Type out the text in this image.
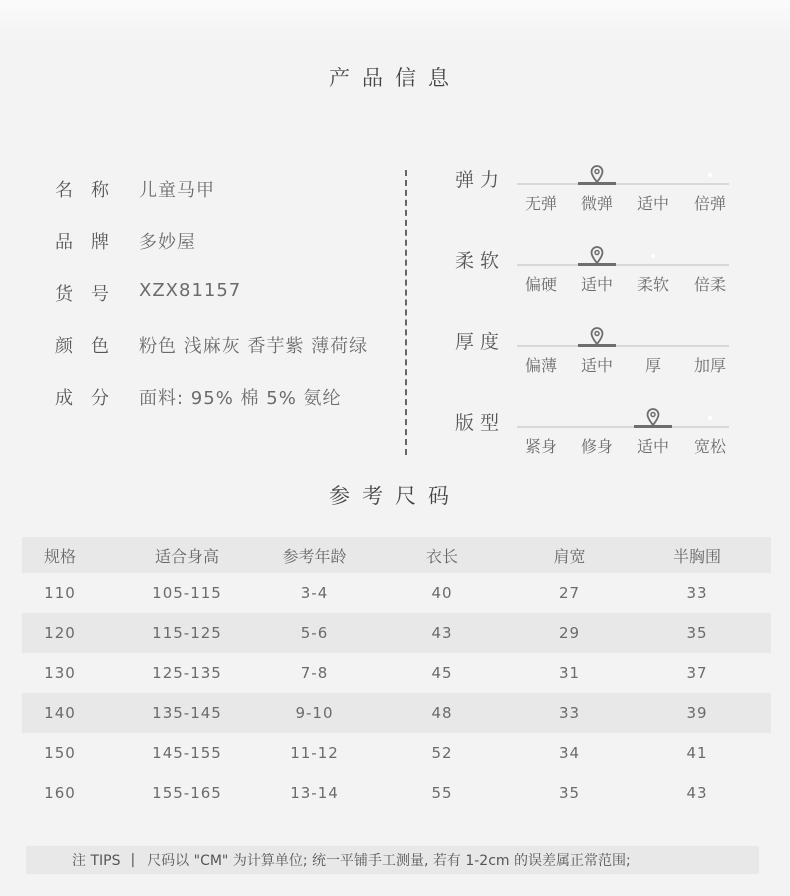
产品信息
名称 儿童马甲
品牌 多妙屋
货号 XZX81157
颜色 粉色 浅麻灰 香芋紫 薄荷绿
成分 面料: 95% 棉 5% 氨纶
弹力
无弹	微弹	适中	倍弹
柔软
偏硬	适中	柔软	倍柔
厚度
偏薄	适中	厚	加厚
版型
紧身	修身	适中	宽松
参考尺码
规格	适合身高	参考年龄	衣长	肩宽	半胸围
110	105-115	3-4	40	27	33
120	115-125	5-6	43	29	35
130	125-135	7-8	45	31	37
140	135-145	9-10	48	33	39
150	145-155	11-12	52	34	41
160	155-165	13-14	55	35	43
注 TIPS | 尺码以 "CM" 为计算单位; 统一平铺手工测量, 若有 1-2cm 的误差属正常范围;
